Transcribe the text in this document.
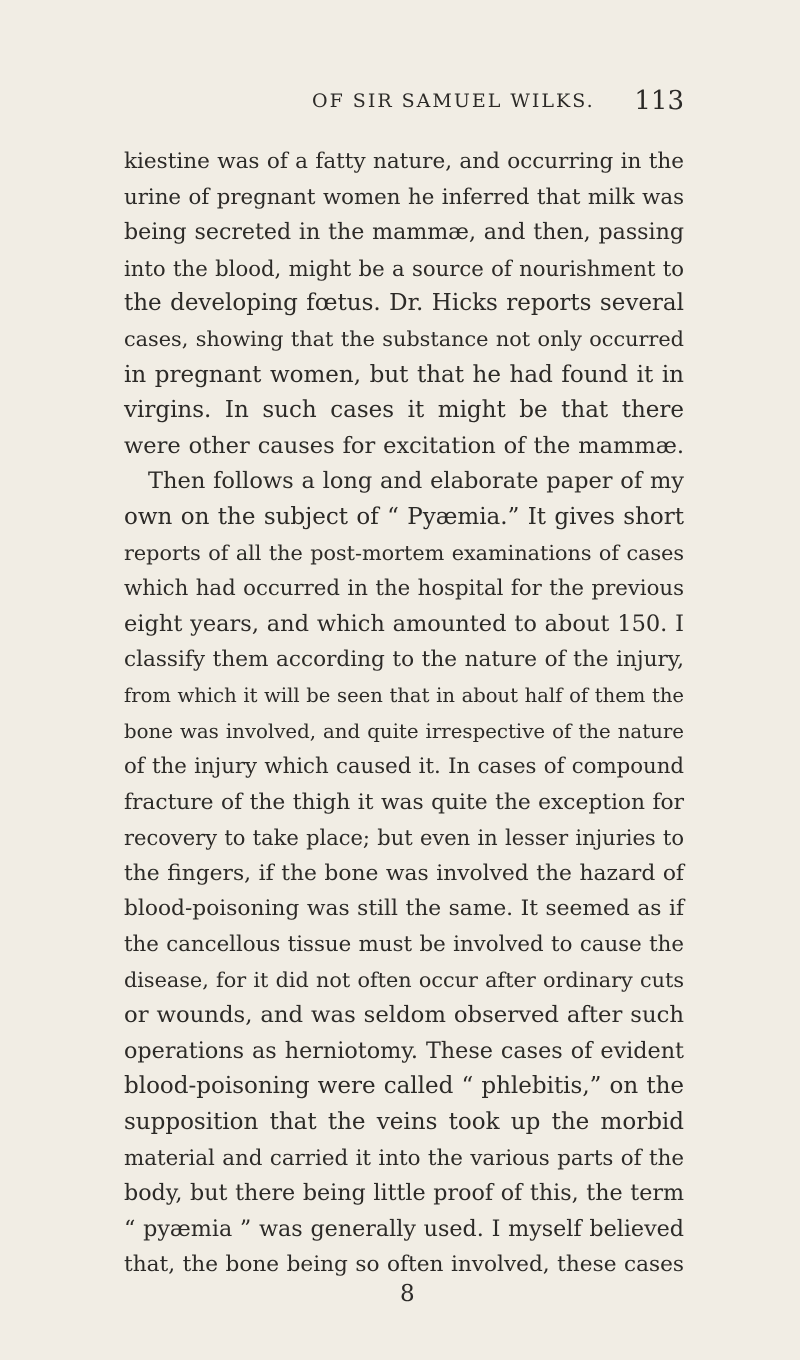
OF SIR SAMUEL WILKS. 113
kiestine was of a fatty nature, and occurring in the
urine of pregnant women he inferred that milk was
being secreted in the mammæ, and then, passing
into the blood, might be a source of nourishment to
the developing fœtus. Dr. Hicks reports several
cases, showing that the substance not only occurred
in pregnant women, but that he had found it in
virgins. In such cases it might be that there
were other causes for excitation of the mammæ.
Then follows a long and elaborate paper of my
own on the subject of “ Pyæmia.” It gives short
reports of all the post-mortem examinations of cases
which had occurred in the hospital for the previous
eight years, and which amounted to about 150. I
classify them according to the nature of the injury,
from which it will be seen that in about half of them the
bone was involved, and quite irrespective of the nature
of the injury which caused it. In cases of compound
fracture of the thigh it was quite the exception for
recovery to take place; but even in lesser injuries to
the fingers, if the bone was involved the hazard of
blood-poisoning was still the same. It seemed as if
the cancellous tissue must be involved to cause the
disease, for it did not often occur after ordinary cuts
or wounds, and was seldom observed after such
operations as herniotomy. These cases of evident
blood-poisoning were called “ phlebitis,” on the
supposition that the veins took up the morbid
material and carried it into the various parts of the
body, but there being little proof of this, the term
“ pyæmia ” was generally used. I myself believed
that, the bone being so often involved, these cases
8
